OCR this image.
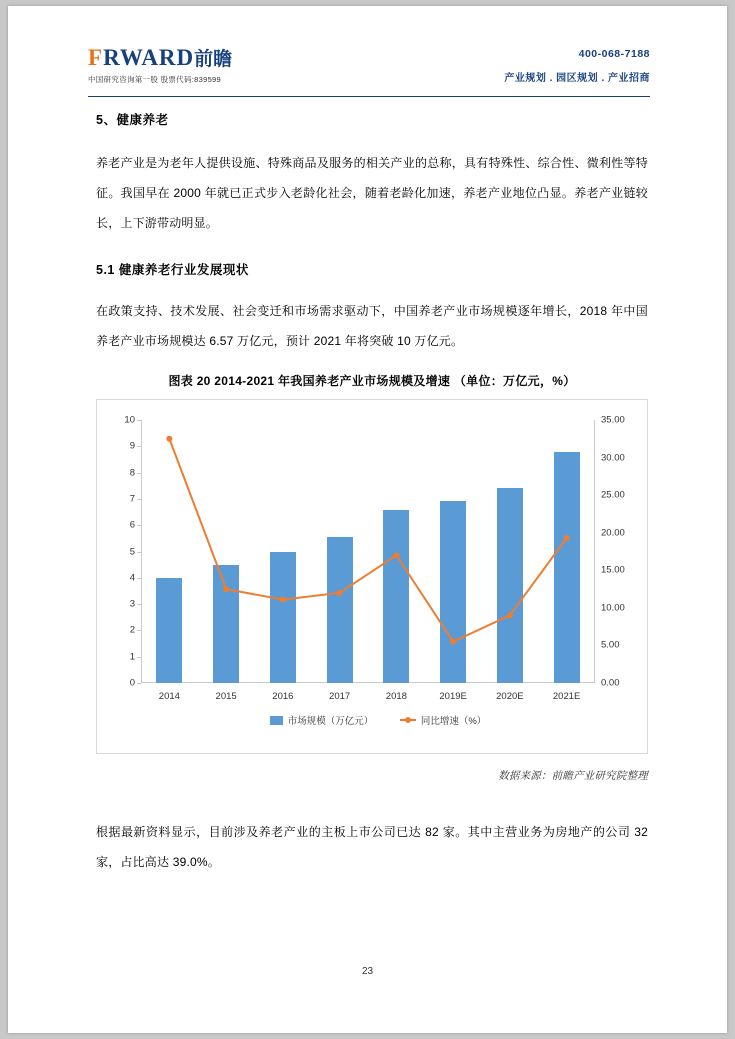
FRWARD前瞻
中国研究咨询第一股 股票代码:839599
400-068-7188
产业规划 . 园区规划 . 产业招商
5、健康养老

养老产业是为老年人提供设施、特殊商品及服务的相关产业的总称，具有特殊性、综合性、微利性等特征。我国早在 2000 年就已正式步入老龄化社会，随着老龄化加速，养老产业地位凸显。养老产业链较长，上下游带动明显。

5.1 健康养老行业发展现状

在政策支持、技术发展、社会变迁和市场需求驱动下，中国养老产业市场规模逐年增长，2018 年中国养老产业市场规模达 6.57 万亿元，预计 2021 年将突破 10 万亿元。

图表 20 2014-2021 年我国养老产业市场规模及增速 （单位：万亿元，%）
0
1
2
3
4
5
6
7
8
9
10
0.00
5.00
10.00
15.00
20.00
25.00
30.00
35.00
2014	2015	2016	2017	2018	2019E	2020E	2021E
市场规模（万亿元）	同比增速（%）

数据来源：前瞻产业研究院整理

根据最新资料显示，目前涉及养老产业的主板上市公司已达 82 家。其中主营业务为房地产的公司 32 家，占比高达 39.0%。

23
